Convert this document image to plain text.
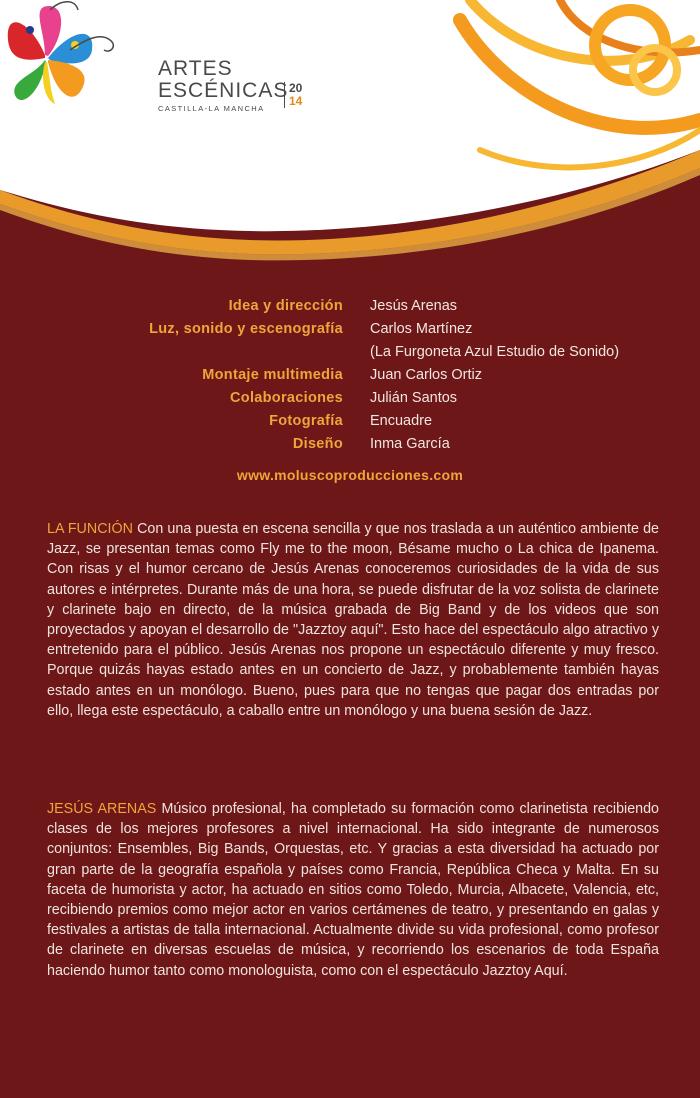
ARTES
ESCÉNICAS
CASTILLA-LA MANCHA
20
14
Idea y dirección Jesús Arenas
Luz, sonido y escenografía Carlos Martínez
(La Furgoneta Azul Estudio de Sonido)
Montaje multimedia Juan Carlos Ortiz
Colaboraciones Julián Santos
Fotografía Encuadre
Diseño Inma García
www.moluscoproducciones.com

LA FUNCIÓN Con una puesta en escena sencilla y que nos traslada a un auténtico ambiente de Jazz, se presentan temas como Fly me to the moon, Bésame mucho o La chica de Ipanema. Con risas y el humor cercano de Jesús Arenas conoceremos curiosidades de la vida de sus autores e intérpretes. Durante más de una hora, se puede disfrutar de la voz solista de clarinete y clarinete bajo en directo, de la música grabada de Big Band y de los videos que son proyectados y apoyan el desarrollo de "Jazztoy aquí". Esto hace del espectáculo algo atractivo y entretenido para el público. Jesús Arenas nos propone un espectáculo diferente y muy fresco. Porque quizás hayas estado antes en un concierto de Jazz, y probablemente también hayas estado antes en un monólogo. Bueno, pues para que no tengas que pagar dos entradas por ello, llega este espectáculo, a caballo entre un monólogo y una buena sesión de Jazz.

JESÚS ARENAS Músico profesional, ha completado su formación como clarinetista recibiendo clases de los mejores profesores a nivel internacional. Ha sido integrante de numerosos conjuntos: Ensembles, Big Bands, Orquestas, etc. Y gracias a esta diversidad ha actuado por gran parte de la geografía española y países como Francia, República Checa y Malta. En su faceta de humorista y actor, ha actuado en sitios como Toledo, Murcia, Albacete, Valencia, etc, recibiendo premios como mejor actor en varios certámenes de teatro, y presentando en galas y festivales a artistas de talla internacional. Actualmente divide su vida profesional, como profesor de clarinete en diversas escuelas de música, y recorriendo los escenarios de toda España haciendo humor tanto como monologuista, como con el espectáculo Jazztoy Aquí.
